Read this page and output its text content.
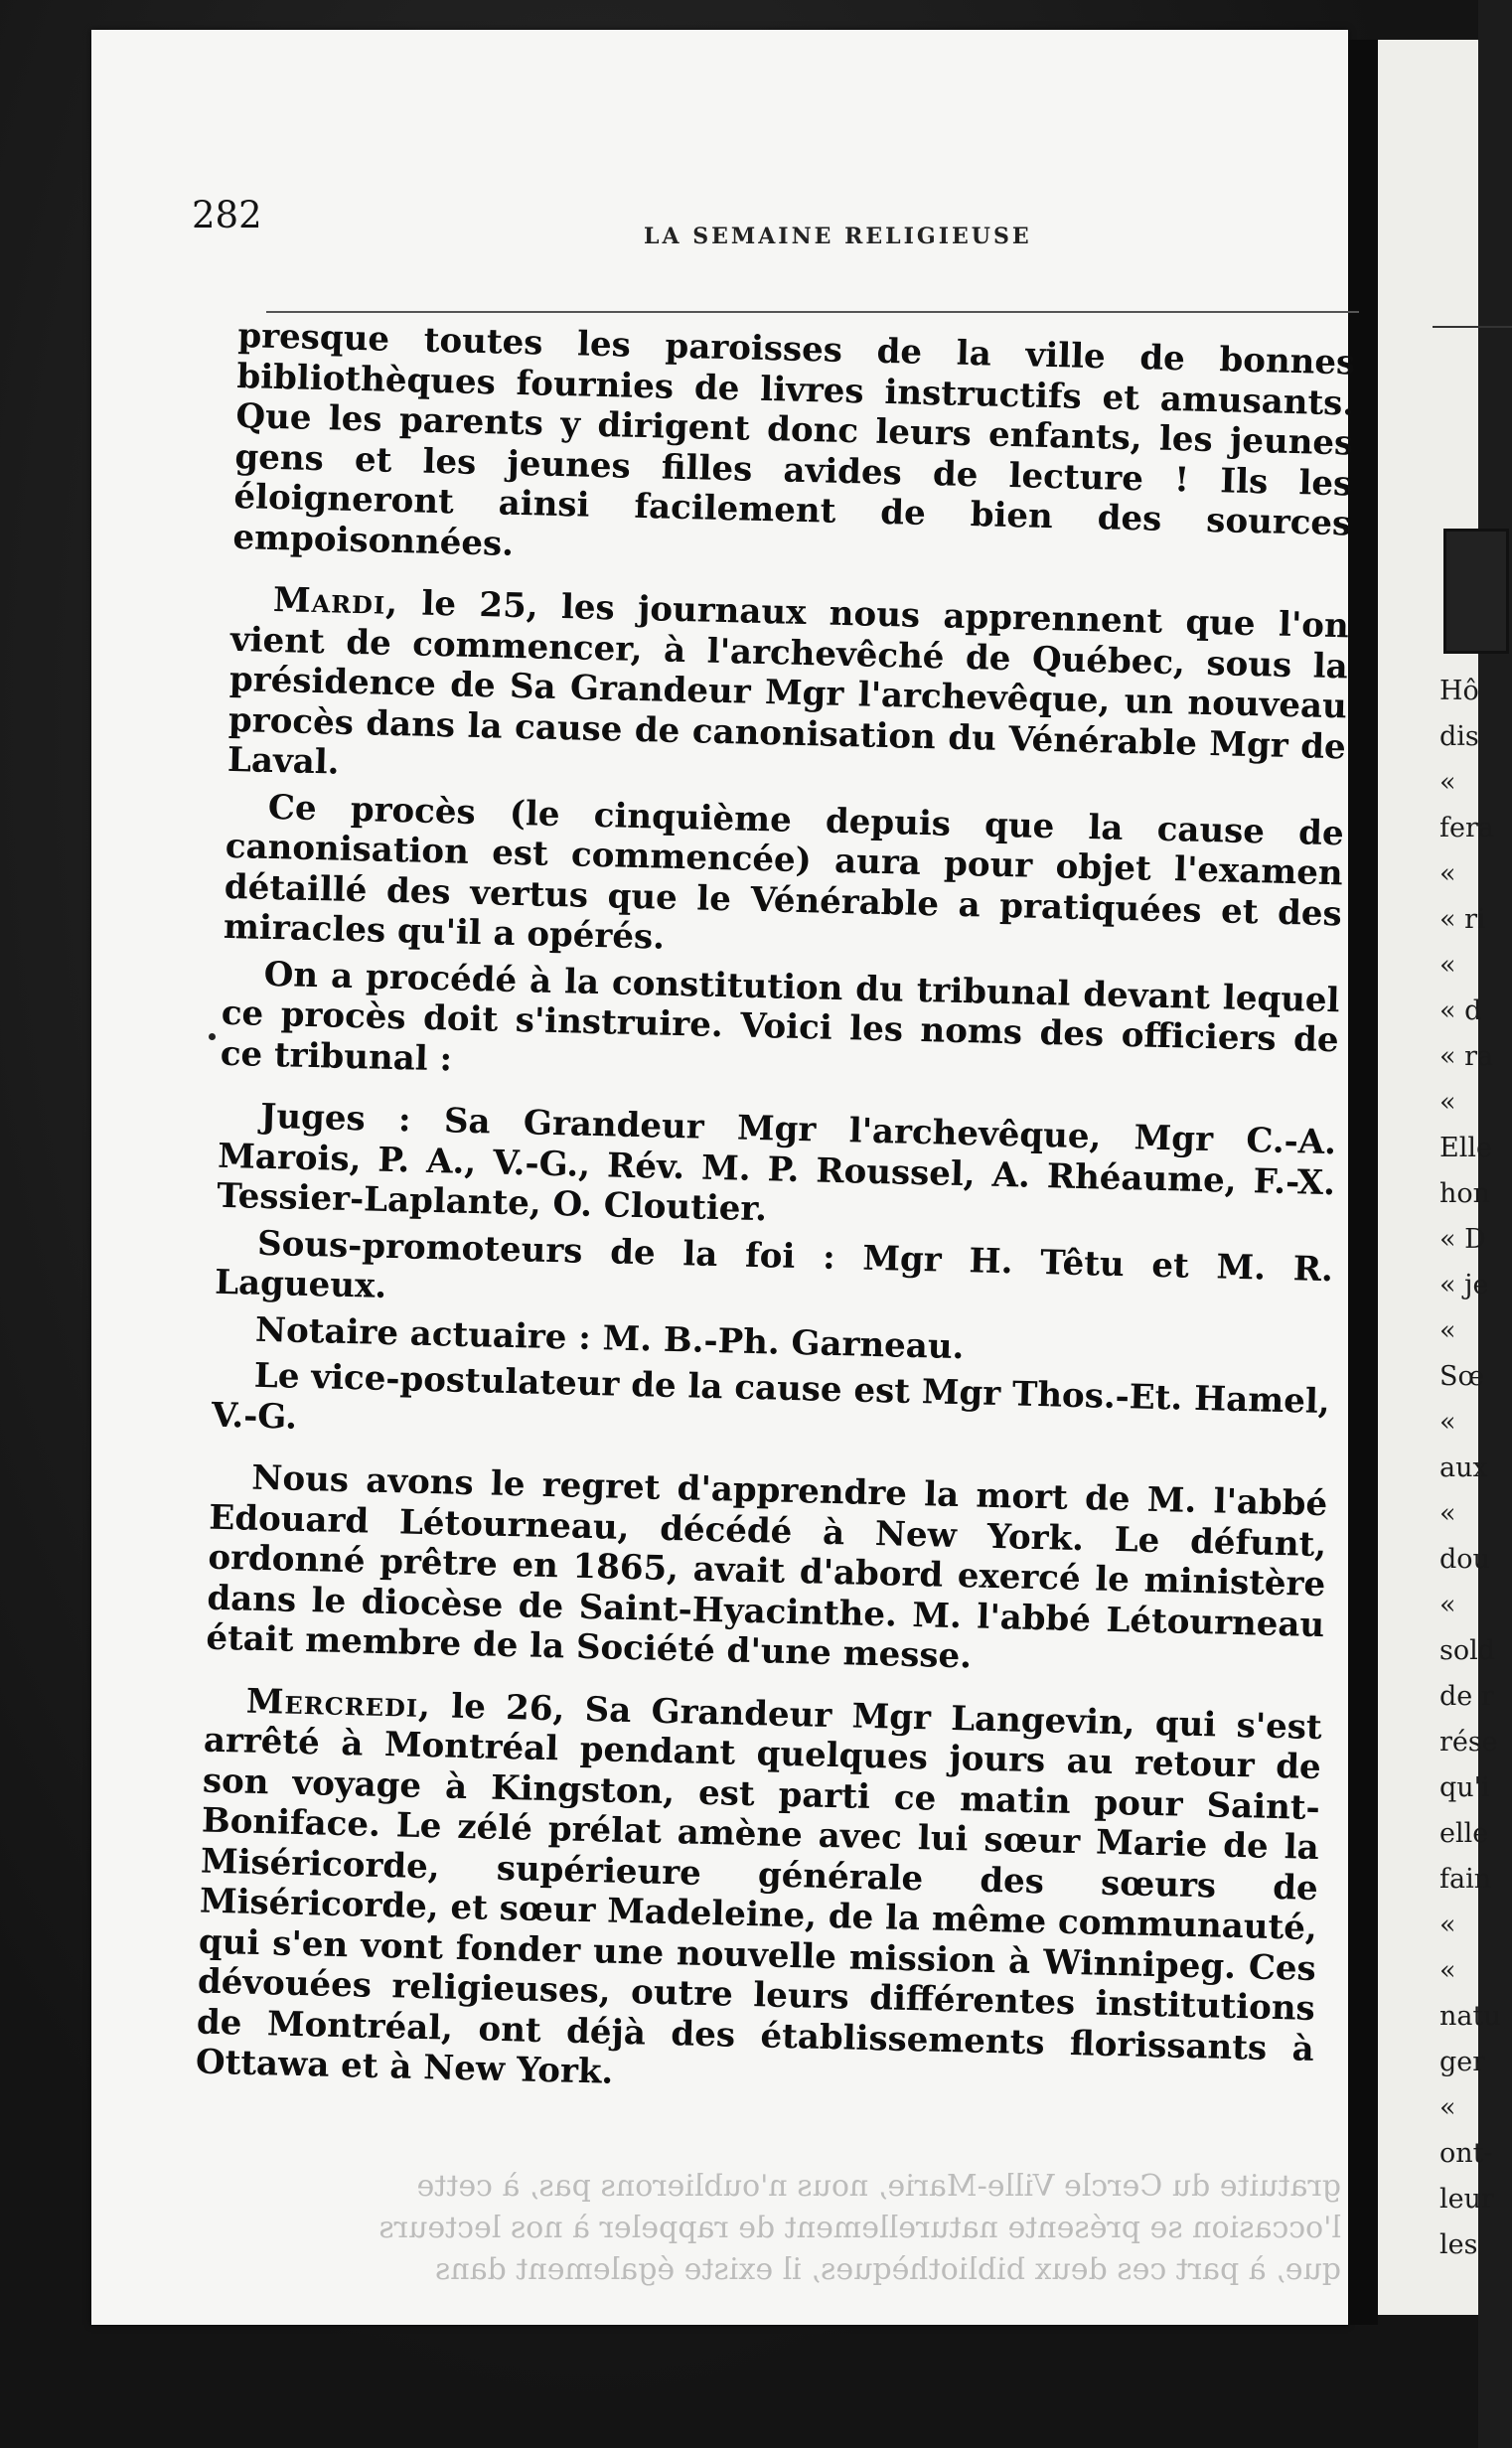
Hô
dis
«
fera
«
« ri
«
« d
« ra
«
Elle
hon
« D
« je
«
Sœ
«
aux
«
dou
«
sold
de r
rése
qu'i
elle
fain
«
«
natu
ger
«
ont-
leur
les
282	LA SEMAINE RELIGIEUSE

presque toutes les paroisses de la ville de bonnes bibliothèques fournies de livres instructifs et amusants. Que les parents y dirigent donc leurs enfants, les jeunes gens et les jeunes filles avides de lecture ! Ils les éloigneront ainsi facilement de bien des sources empoisonnées.

Mardi, le 25, les journaux nous apprennent que l'on vient de commencer, à l'archevêché de Québec, sous la présidence de Sa Grandeur Mgr l'archevêque, un nouveau procès dans la cause de canonisation du Vénérable Mgr de Laval.

Ce procès (le cinquième depuis que la cause de canonisation est commencée) aura pour objet l'examen détaillé des vertus que le Vénérable a pratiquées et des miracles qu'il a opérés.

On a procédé à la constitution du tribunal devant lequel ce procès doit s'instruire. Voici les noms des officiers de ce tribunal :

Juges : Sa Grandeur Mgr l'archevêque, Mgr C.-A. Marois, P. A., V.-G., Rév. M. P. Roussel, A. Rhéaume, F.-X. Tessier-Laplante, O. Cloutier.

Sous-promoteurs de la foi : Mgr H. Têtu et M. R. Lagueux.

Notaire actuaire : M. B.-Ph. Garneau.

Le vice-postulateur de la cause est Mgr Thos.-Et. Hamel, V.-G.

Nous avons le regret d'apprendre la mort de M. l'abbé Edouard Létourneau, décédé à New York. Le défunt, ordonné prêtre en 1865, avait d'abord exercé le ministère dans le diocèse de Saint-Hyacinthe. M. l'abbé Létourneau était membre de la Société d'une messe.

Mercredi, le 26, Sa Grandeur Mgr Langevin, qui s'est arrêté à Montréal pendant quelques jours au retour de son voyage à Kingston, est parti ce matin pour Saint-Boniface. Le zélé prélat amène avec lui sœur Marie de la Miséricorde, supérieure générale des sœurs de Miséricorde, et sœur Madeleine, de la même communauté, qui s'en vont fonder une nouvelle mission à Winnipeg. Ces dévouées religieuses, outre leurs différentes institutions de Montréal, ont déjà des établissements florissants à Ottawa et à New York.

gratuite du Cercle Ville-Marie, nous n'oublierons pas, à cette
l'occasion se présente naturellement de rappeler à nos lecteurs
que, à part ces deux bibliothèques, il existe également dans
